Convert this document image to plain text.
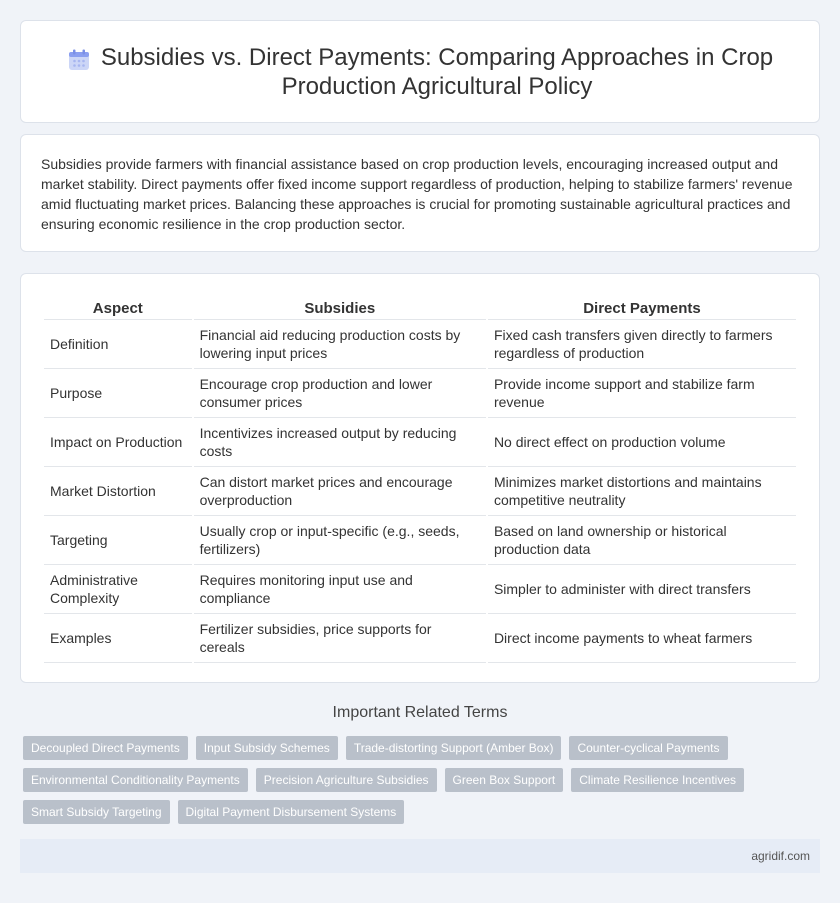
Subsidies vs. Direct Payments: Comparing Approaches in Crop Production Agricultural Policy

Subsidies provide farmers with financial assistance based on crop production levels, encouraging increased output and market stability. Direct payments offer fixed income support regardless of production, helping to stabilize farmers' revenue amid fluctuating market prices. Balancing these approaches is crucial for promoting sustainable agricultural practices and ensuring economic resilience in the crop production sector.

Aspect	Subsidies	Direct Payments
Definition	Financial aid reducing production costs by lowering input prices	Fixed cash transfers given directly to farmers regardless of production
Purpose	Encourage crop production and lower consumer prices	Provide income support and stabilize farm revenue
Impact on Production	Incentivizes increased output by reducing costs	No direct effect on production volume
Market Distortion	Can distort market prices and encourage overproduction	Minimizes market distortions and maintains competitive neutrality
Targeting	Usually crop or input-specific (e.g., seeds, fertilizers)	Based on land ownership or historical production data
Administrative Complexity	Requires monitoring input use and compliance	Simpler to administer with direct transfers
Examples	Fertilizer subsidies, price supports for cereals	Direct income payments to wheat farmers
Important Related Terms
Decoupled Direct Payments	Input Subsidy Schemes	Trade-distorting Support (Amber Box)	Counter-cyclical Payments
Environmental Conditionality Payments	Precision Agriculture Subsidies	Green Box Support	Climate Resilience Incentives
Smart Subsidy Targeting	Digital Payment Disbursement Systems
agridif.com
